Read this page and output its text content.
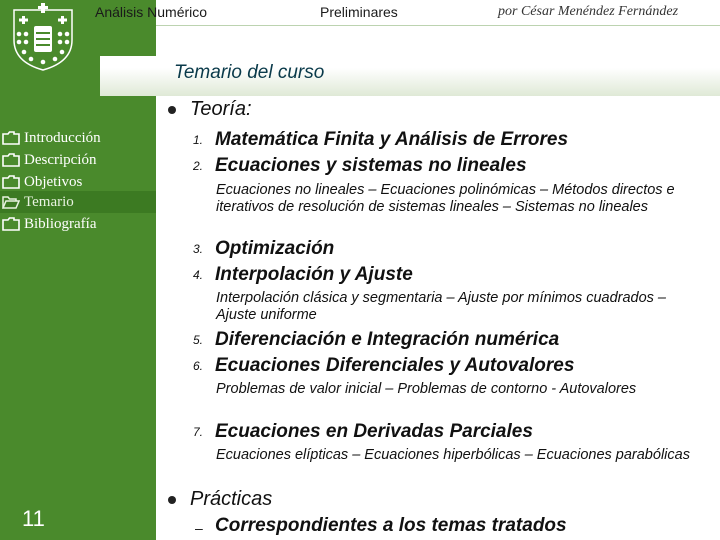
Análisis Numérico	Preliminares	por César Menéndez Fernández
Temario del curso
Introducción
Descripción
Objetivos
Temario
Bibliografía
11
Teoría:
1. Matemática Finita y Análisis de Errores
2. Ecuaciones y sistemas no lineales
Ecuaciones no lineales – Ecuaciones polinómicas – Métodos directos e iterativos de resolución de sistemas lineales – Sistemas no lineales
3. Optimización
4. Interpolación y Ajuste
Interpolación clásica y segmentaria – Ajuste por mínimos cuadrados – Ajuste uniforme
5. Diferenciación e Integración numérica
6. Ecuaciones Diferenciales y Autovalores
Problemas de valor inicial – Problemas de contorno - Autovalores
7. Ecuaciones en Derivadas Parciales
Ecuaciones elípticas – Ecuaciones hiperbólicas – Ecuaciones parabólicas
Prácticas
– Correspondientes a los temas tratados
